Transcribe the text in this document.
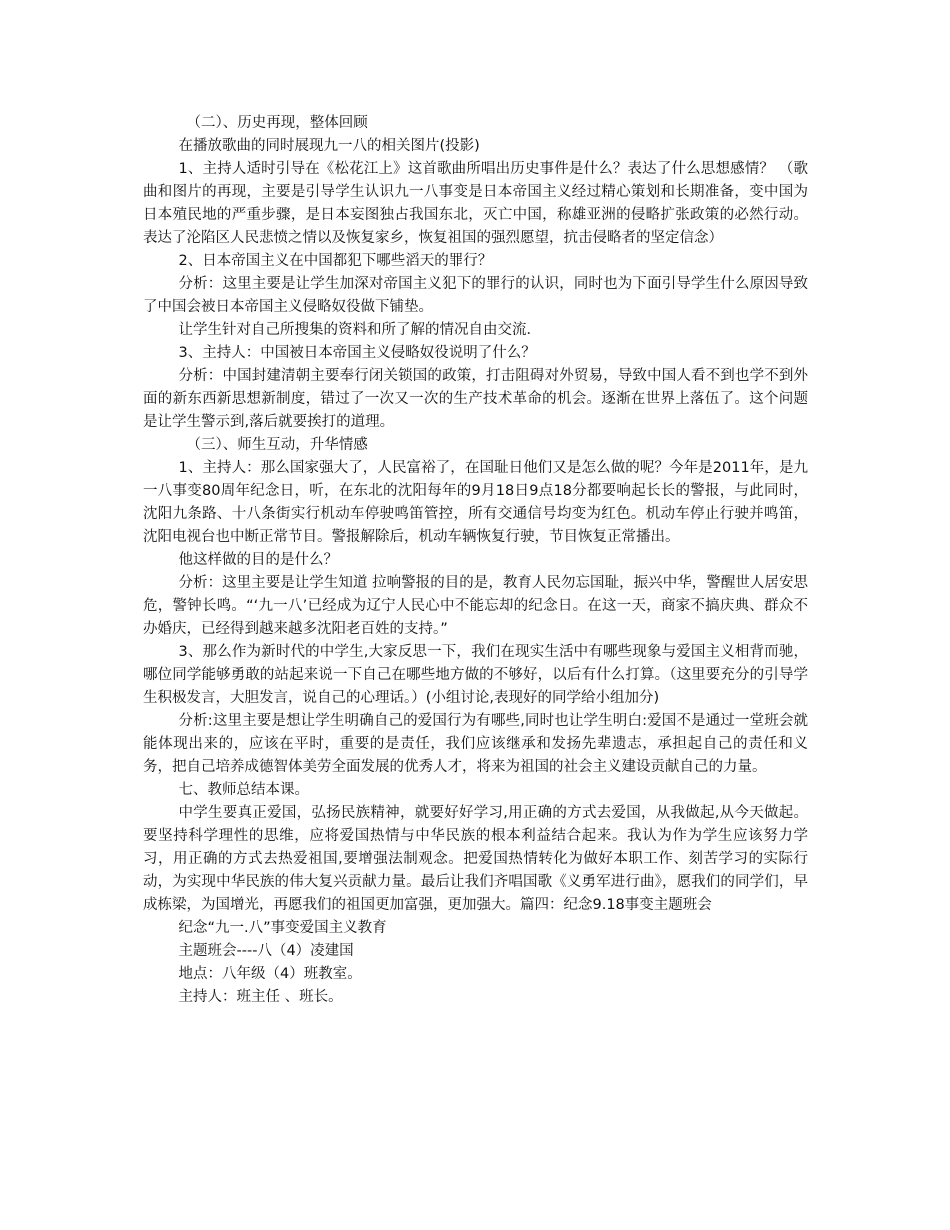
（二）、历史再现，整体回顾

在播放歌曲的同时展现九一八的相关图片(投影)

1、主持人适时引导在《松花江上》这首歌曲所唱出历史事件是什么？表达了什么思想感情？ （歌曲和图片的再现，主要是引导学生认识九一八事变是日本帝国主义经过精心策划和长期准备，变中国为日本殖民地的严重步骤，是日本妄图独占我国东北，灭亡中国，称雄亚洲的侵略扩张政策的必然行动。表达了沦陷区人民悲愤之情以及恢复家乡，恢复祖国的强烈愿望，抗击侵略者的坚定信念）

2、日本帝国主义在中国都犯下哪些滔天的罪行？

分析：这里主要是让学生加深对帝国主义犯下的罪行的认识，同时也为下面引导学生什么原因导致了中国会被日本帝国主义侵略奴役做下铺垫。

让学生针对自己所搜集的资料和所了解的情况自由交流．

3、主持人：中国被日本帝国主义侵略奴役说明了什么？

分析：中国封建清朝主要奉行闭关锁国的政策，打击阻碍对外贸易，导致中国人看不到也学不到外面的新东西新思想新制度，错过了一次又一次的生产技术革命的机会。逐渐在世界上落伍了。这个问题是让学生警示到,落后就要挨打的道理。

（三）、师生互动，升华情感

1、主持人：那么国家强大了，人民富裕了，在国耻日他们又是怎么做的呢？今年是2011年，是九一八事变80周年纪念日，听，在东北的沈阳每年的9月18日9点18分都要响起长长的警报，与此同时，沈阳九条路、十八条街实行机动车停驶鸣笛管控，所有交通信号均变为红色。机动车停止行驶并鸣笛，沈阳电视台也中断正常节目。警报解除后，机动车辆恢复行驶，节目恢复正常播出。

他这样做的目的是什么？

分析：这里主要是让学生知道 拉响警报的目的是，教育人民勿忘国耻，振兴中华，警醒世人居安思危，警钟长鸣。“‘九一八’已经成为辽宁人民心中不能忘却的纪念日。在这一天，商家不搞庆典、群众不办婚庆，已经得到越来越多沈阳老百姓的支持。”

3、那么作为新时代的中学生,大家反思一下，我们在现实生活中有哪些现象与爱国主义相背而驰，哪位同学能够勇敢的站起来说一下自己在哪些地方做的不够好，以后有什么打算。（这里要充分的引导学生积极发言，大胆发言，说自己的心理话。）(小组讨论,表现好的同学给小组加分)

分析:这里主要是想让学生明确自己的爱国行为有哪些,同时也让学生明白:爱国不是通过一堂班会就能体现出来的，应该在平时，重要的是责任，我们应该继承和发扬先辈遗志，承担起自己的责任和义务，把自己培养成德智体美劳全面发展的优秀人才，将来为祖国的社会主义建设贡献自己的力量。

七、教师总结本课。

中学生要真正爱国，弘扬民族精神，就要好好学习,用正确的方式去爱国，从我做起,从今天做起。要坚持科学理性的思维，应将爱国热情与中华民族的根本利益结合起来。我认为作为学生应该努力学习，用正确的方式去热爱祖国,要增强法制观念。把爱国热情转化为做好本职工作、刻苦学习的实际行动，为实现中华民族的伟大复兴贡献力量。最后让我们齐唱国歌《义勇军进行曲》，愿我们的同学们，早成栋梁，为国增光，再愿我们的祖国更加富强，更加强大。篇四：纪念9.18事变主题班会

纪念“九一.八”事变爱国主义教育

主题班会----八（4）凌建国

地点：八年级（4）班教室。

主持人：班主任 、班长。
